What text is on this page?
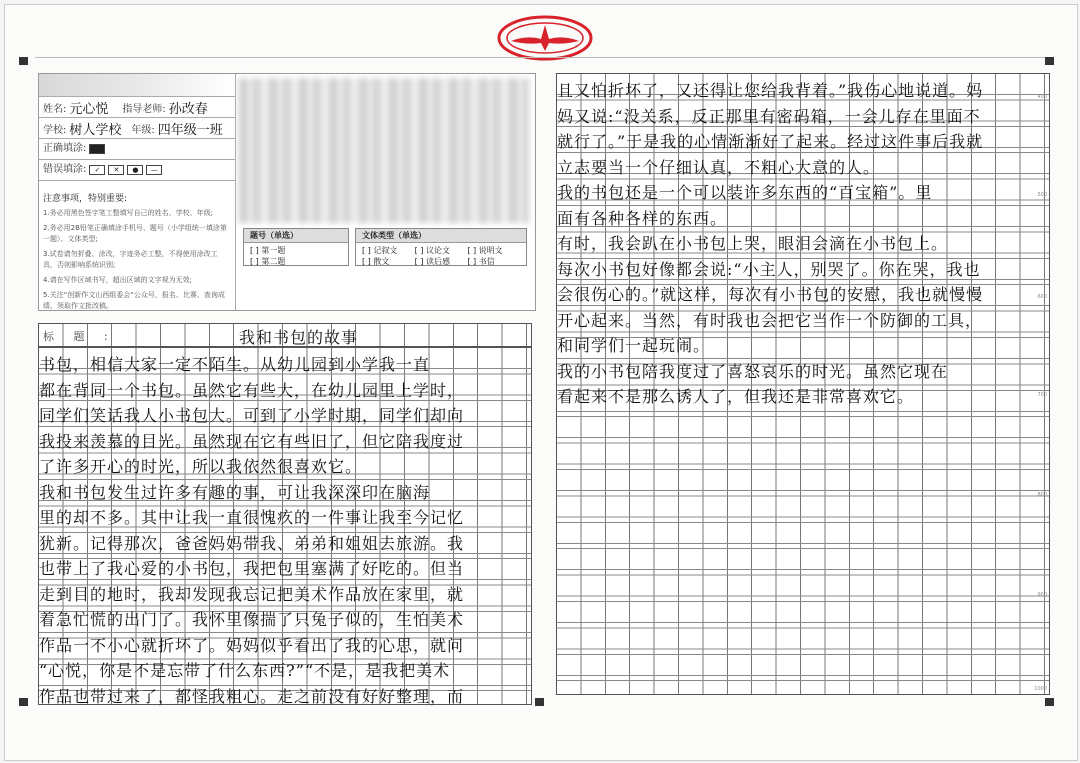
姓名: 元心悦 指导老师: 孙改春
学校: 树人学校 年级: 四年级一班
正确填涂:
错误填涂:	✓	✕	●	—
注意事项，特别重要:
1.务必用黑色签字笔工整填写自己的姓名、学校、年级;
2.务必用2B铅笔正确填涂手机号、题号（小学组统一填涂第一题）、文体类型;
3.试卷请勿折叠、涂改，字迹务必工整，不得使用涂改工具，否则影响系统识别;
4.请在写作区域书写，超出区域的文字视为无效;
5.关注“创新作文山西组委会”公众号，报名、比赛、查询成绩、领取作文批改稿。
题号（单选）
[ ] 第一题
[ ] 第二题
文体类型（单选）
[ ] 记叙文	[ ] 议论文	[ ] 说明文
[ ] 散文	[ ] 读后感	[ ] 书信
标 题 :	我和书包的故事
书包，相信大家一定不陌生。从幼儿园到小学我一直
都在背同一个书包。虽然它有些大，在幼儿园里上学时，
同学们笑话我人小书包大。可到了小学时期，同学们却向
我投来羡慕的目光。虽然现在它有些旧了，但它陪我度过
了许多开心的时光，所以我依然很喜欢它。
我和书包发生过许多有趣的事，可让我深深印在脑海
里的却不多。其中让我一直很愧疚的一件事让我至今记忆
犹新。记得那次，爸爸妈妈带我、弟弟和姐姐去旅游。我
也带上了我心爱的小书包，我把包里塞满了好吃的。但当
走到目的地时，我却发现我忘记把美术作品放在家里，就
着急忙慌的出门了。我怀里像揣了只兔子似的，生怕美术
作品一不小心就折坏了。妈妈似乎看出了我的心思，就问
“心悦，你是不是忘带了什么东西?”“不是，是我把美术
作品也带过来了，都怪我粗心。走之前没有好好整理，而
且又怕折坏了，又还得让您给我背着。”我伤心地说道。妈
妈又说:“没关系，反正那里有密码箱，一会儿存在里面不
就行了。”于是我的心情渐渐好了起来。经过这件事后我就
立志要当一个仔细认真，不粗心大意的人。
我的书包还是一个可以装许多东西的“百宝箱”。里
面有各种各样的东西。
有时，我会趴在小书包上哭，眼泪会滴在小书包上。
每次小书包好像都会说:“小主人，别哭了。你在哭，我也
会很伤心的。”就这样，每次有小书包的安慰，我也就慢慢
开心起来。当然，有时我也会把它当作一个防御的工具，
和同学们一起玩闹。
我的小书包陪我度过了喜怒哀乐的时光。虽然它现在
看起来不是那么诱人了，但我还是非常喜欢它。
400
500
600
700
800
900
1000
